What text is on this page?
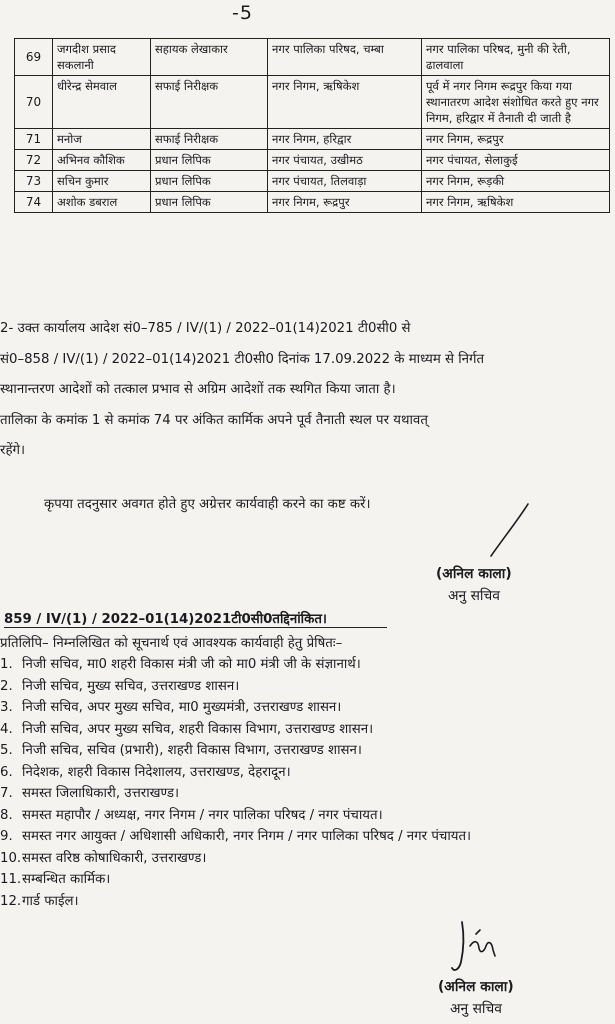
-5
69	जगदीश प्रसाद सकलानी	सहायक लेखाकार	नगर पालिका परिषद, चम्बा	नगर पालिका परिषद, मुनी की रेती, ढालवाला
70	धीरेन्द्र सेमवाल	सफाई निरीक्षक	नगर निगम, ऋषिकेश	पूर्व में नगर निगम रूद्रपुर किया गया स्थानातरण आदेश संशोधित करते हुए नगर निगम, हरिद्वार में तैनाती दी जाती है
71	मनोज	सफाई निरीक्षक	नगर निगम, हरिद्वार	नगर निगम, रूद्रपुर
72	अभिनव कौशिक	प्रधान लिपिक	नगर पंचायत, उखीमठ	नगर पंचायत, सेलाकुई
73	सचिन कुमार	प्रधान लिपिक	नगर पंचायत, तिलवाड़ा	नगर निगम, रूड़की
74	अशोक डबराल	प्रधान लिपिक	नगर निगम, रूद्रपुर	नगर निगम, ऋषिकेश
2- उक्त कार्यालय आदेश सं0–785 / IV/(1) / 2022–01(14)2021 टी0सी0 से
सं0–858 / IV/(1) / 2022–01(14)2021 टी0सी0 दिनांक 17.09.2022 के माध्यम से निर्गत
स्थानान्तरण आदेशों को तत्काल प्रभाव से अग्रिम आदेशों तक स्थगित किया जाता है।
तालिका के कमांक 1 से कमांक 74 पर अंकित कार्मिक अपने पूर्व तैनाती स्थल पर यथावत्
रहेंगे।
कृपया तदनुसार अवगत होते हुए अग्रेत्तर कार्यवाही करने का कष्ट करें।
(अनिल काला)
अनु सचिव
859 / IV/(1) / 2022–01(14)2021टी0सी0तद्दिनांकित।
प्रतिलिपि– निम्नलिखित को सूचनार्थ एवं आवश्यक कार्यवाही हेतु प्रेषितः–
1. निजी सचिव, मा0 शहरी विकास मंत्री जी को मा0 मंत्री जी के संज्ञानार्थ।
2. निजी सचिव, मुख्य सचिव, उत्तराखण्ड शासन।
3. निजी सचिव, अपर मुख्य सचिव, मा0 मुख्यमंत्री, उत्तराखण्ड शासन।
4. निजी सचिव, अपर मुख्य सचिव, शहरी विकास विभाग, उत्तराखण्ड शासन।
5. निजी सचिव, सचिव (प्रभारी), शहरी विकास विभाग, उत्तराखण्ड शासन।
6. निदेशक, शहरी विकास निदेशालय, उत्तराखण्ड, देहरादून।
7. समस्त जिलाधिकारी, उत्तराखण्ड।
8. समस्त महापौर / अध्यक्ष, नगर निगम / नगर पालिका परिषद / नगर पंचायत।
9. समस्त नगर आयुक्त / अधिशासी अधिकारी, नगर निगम / नगर पालिका परिषद / नगर पंचायत।
10. समस्त वरिष्ठ कोषाधिकारी, उत्तराखण्ड।
11. सम्बन्धित कार्मिक।
12. गार्ड फाईल।
(अनिल काला)
अनु सचिव
